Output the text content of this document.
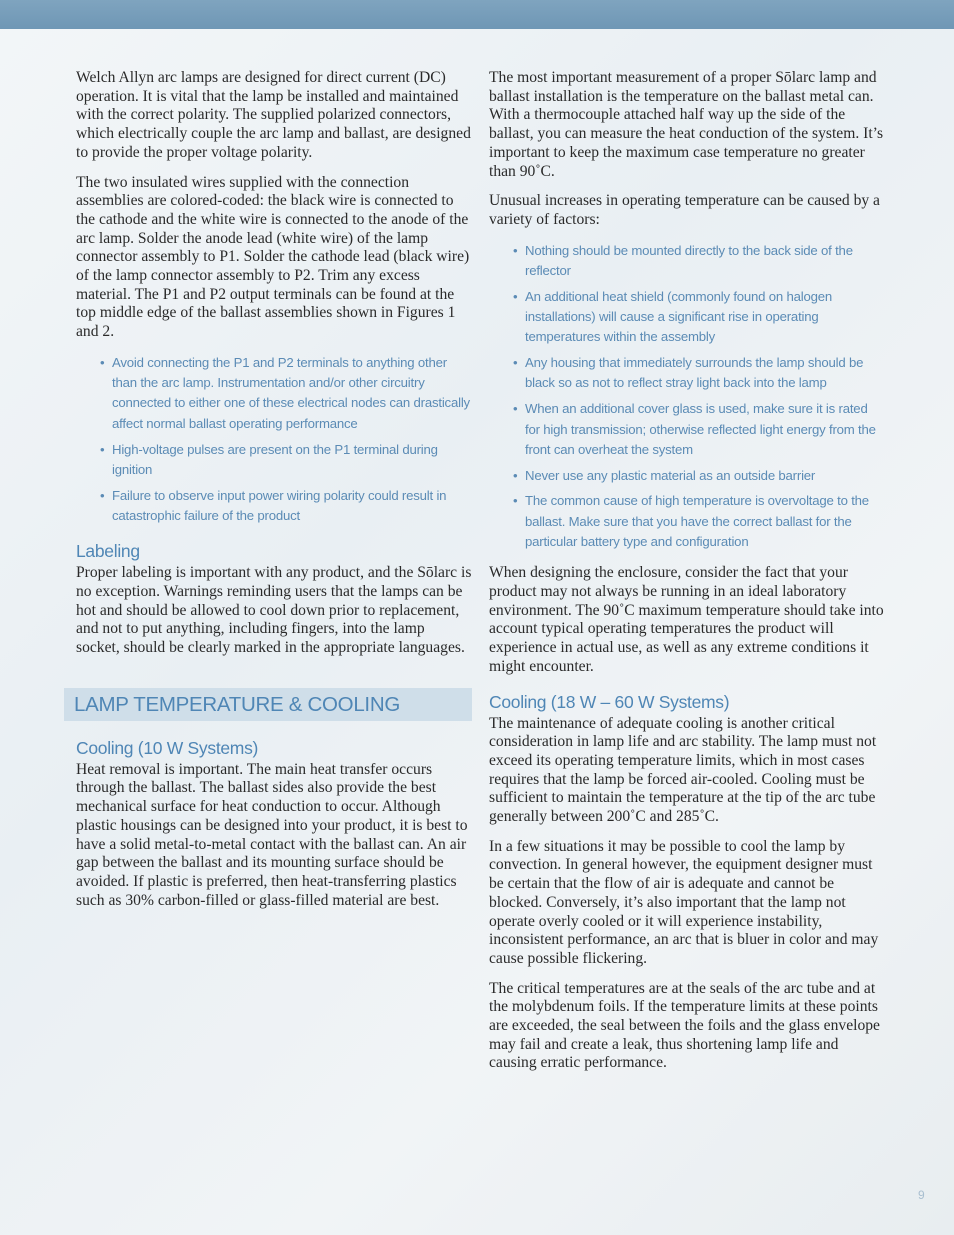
Welch Allyn arc lamps are designed for direct current (DC) operation. It is vital that the lamp be installed and maintained with the correct polarity. The supplied polarized connectors, which electrically couple the arc lamp and ballast, are designed to provide the proper voltage polarity.

The two insulated wires supplied with the connection assemblies are colored-coded: the black wire is connected to the cathode and the white wire is connected to the anode of the arc lamp. Solder the anode lead (white wire) of the lamp connector assembly to P1. Solder the cathode lead (black wire) of the lamp connector assembly to P2. Trim any excess material. The P1 and P2 output terminals can be found at the top middle edge of the ballast assemblies shown in Figures 1 and 2.

• Avoid connecting the P1 and P2 terminals to anything other than the arc lamp. Instrumentation and/or other circuitry connected to either one of these electrical nodes can drastically affect normal ballast operating performance
• High-voltage pulses are present on the P1 terminal during ignition
• Failure to observe input power wiring polarity could result in catastrophic failure of the product
Labeling

Proper labeling is important with any product, and the Sōlarc is no exception. Warnings reminding users that the lamps can be hot and should be allowed to cool down prior to replacement, and not to put anything, including fingers, into the lamp socket, should be clearly marked in the appropriate languages.

LAMP TEMPERATURE & COOLING
Cooling (10 W Systems)

Heat removal is important. The main heat transfer occurs through the ballast. The ballast sides also provide the best mechanical surface for heat conduction to occur. Although plastic housings can be designed into your product, it is best to have a solid metal-to-metal contact with the ballast can. An air gap between the ballast and its mounting surface should be avoided. If plastic is preferred, then heat-transferring plastics such as 30% carbon-filled or glass-filled material are best.

The most important measurement of a proper Sōlarc lamp and ballast installation is the temperature on the ballast metal can. With a thermocouple attached half way up the side of the ballast, you can measure the heat conduction of the system. It’s important to keep the maximum case temperature no greater than 90˚C.

Unusual increases in operating temperature can be caused by a variety of factors:

• Nothing should be mounted directly to the back side of the reflector
• An additional heat shield (commonly found on halogen installations) will cause a significant rise in operating temperatures within the assembly
• Any housing that immediately surrounds the lamp should be black so as not to reflect stray light back into the lamp
• When an additional cover glass is used, make sure it is rated for high transmission; otherwise reflected light energy from the front can overheat the system
• Never use any plastic material as an outside barrier
• The common cause of high temperature is overvoltage to the ballast. Make sure that you have the correct ballast for the particular battery type and configuration

When designing the enclosure, consider the fact that your product may not always be running in an ideal laboratory environment. The 90˚C maximum temperature should take into account typical operating temperatures the product will experience in actual use, as well as any extreme conditions it might encounter.

Cooling (18 W – 60 W Systems)

The maintenance of adequate cooling is another critical consideration in lamp life and arc stability. The lamp must not exceed its operating temperature limits, which in most cases requires that the lamp be forced air-cooled. Cooling must be sufficient to maintain the temperature at the tip of the arc tube generally between 200˚C and 285˚C.

In a few situations it may be possible to cool the lamp by convection. In general however, the equipment designer must be certain that the flow of air is adequate and cannot be blocked. Conversely, it’s also important that the lamp not operate overly cooled or it will experience instability, inconsistent performance, an arc that is bluer in color and may cause possible flickering.

The critical temperatures are at the seals of the arc tube and at the molybdenum foils. If the temperature limits at these points are exceeded, the seal between the foils and the glass envelope may fail and create a leak, thus shortening lamp life and causing erratic performance.

9
